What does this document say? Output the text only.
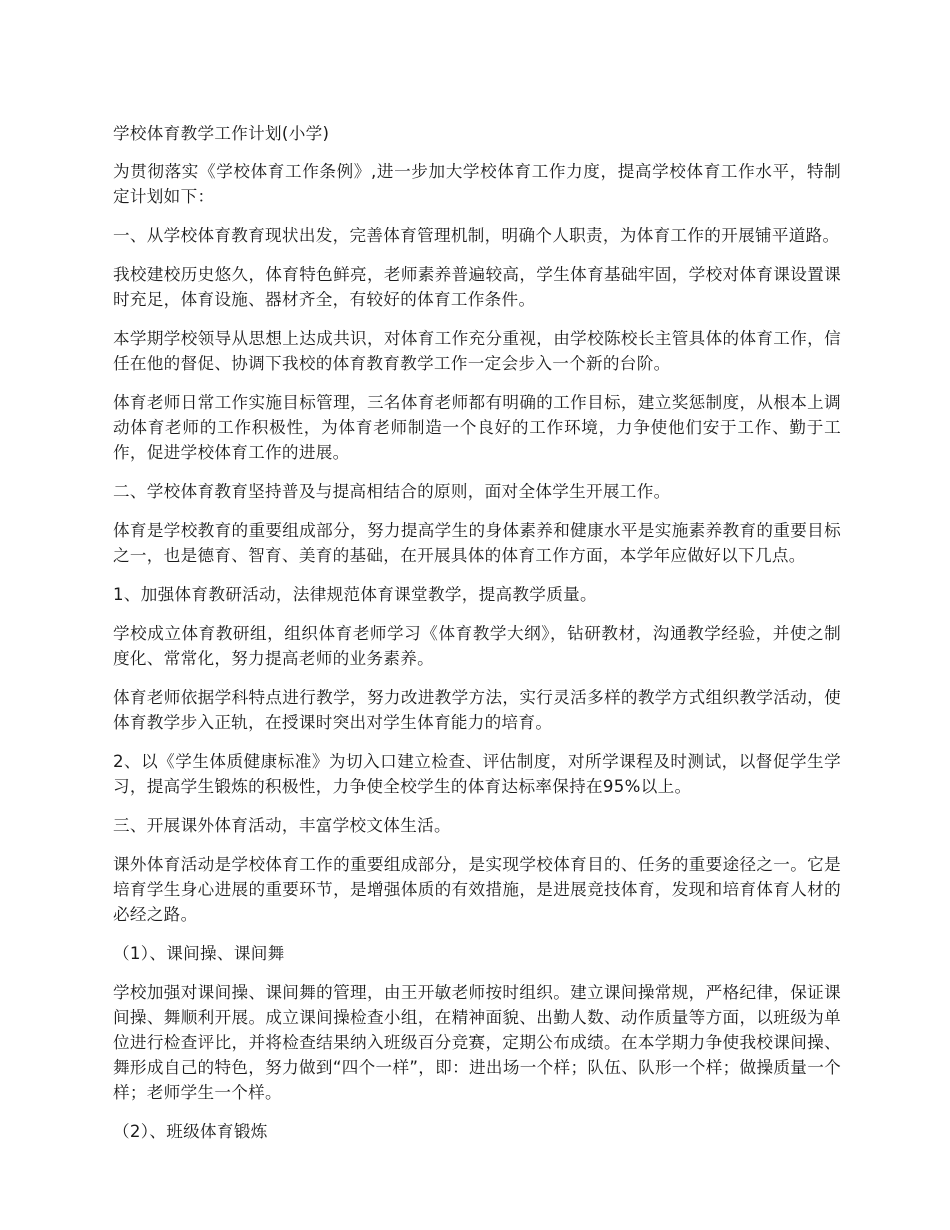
学校体育教学工作计划(小学)

为贯彻落实《学校体育工作条例》,进一步加大学校体育工作力度，提高学校体育工作水平，特制定计划如下：

一、从学校体育教育现状出发，完善体育管理机制，明确个人职责，为体育工作的开展铺平道路。

我校建校历史悠久，体育特色鲜亮，老师素养普遍较高，学生体育基础牢固，学校对体育课设置课时充足，体育设施、器材齐全，有较好的体育工作条件。

本学期学校领导从思想上达成共识，对体育工作充分重视，由学校陈校长主管具体的体育工作，信任在他的督促、协调下我校的体育教育教学工作一定会步入一个新的台阶。

体育老师日常工作实施目标管理，三名体育老师都有明确的工作目标，建立奖惩制度，从根本上调动体育老师的工作积极性，为体育老师制造一个良好的工作环境，力争使他们安于工作、勤于工作，促进学校体育工作的进展。

二、学校体育教育坚持普及与提高相结合的原则，面对全体学生开展工作。

体育是学校教育的重要组成部分，努力提高学生的身体素养和健康水平是实施素养教育的重要目标之一，也是德育、智育、美育的基础，在开展具体的体育工作方面，本学年应做好以下几点。

1、加强体育教研活动，法律规范体育课堂教学，提高教学质量。

学校成立体育教研组，组织体育老师学习《体育教学大纲》，钻研教材，沟通教学经验，并使之制度化、常常化，努力提高老师的业务素养。

体育老师依据学科特点进行教学，努力改进教学方法，实行灵活多样的教学方式组织教学活动，使体育教学步入正轨，在授课时突出对学生体育能力的培育。

2、以《学生体质健康标准》为切入口建立检查、评估制度，对所学课程及时测试，以督促学生学习，提高学生锻炼的积极性，力争使全校学生的体育达标率保持在95%以上。

三、开展课外体育活动，丰富学校文体生活。

课外体育活动是学校体育工作的重要组成部分，是实现学校体育目的、任务的重要途径之一。它是培育学生身心进展的重要环节，是增强体质的有效措施，是进展竞技体育，发现和培育体育人材的必经之路。

（1）、课间操、课间舞

学校加强对课间操、课间舞的管理，由王开敏老师按时组织。建立课间操常规，严格纪律，保证课间操、舞顺利开展。成立课间操检查小组，在精神面貌、出勤人数、动作质量等方面，以班级为单位进行检查评比，并将检查结果纳入班级百分竞赛，定期公布成绩。在本学期力争使我校课间操、舞形成自己的特色，努力做到“四个一样”，即：进出场一个样；队伍、队形一个样；做操质量一个样；老师学生一个样。

（2）、班级体育锻炼
